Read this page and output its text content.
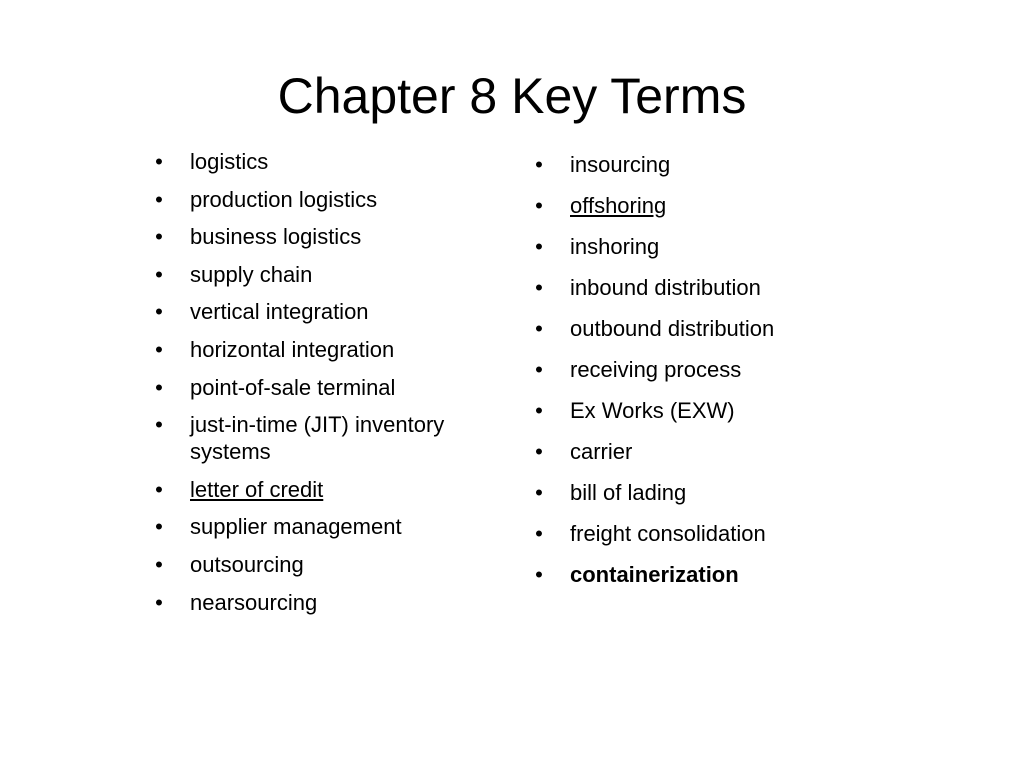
Chapter 8 Key Terms
• logistics
• production logistics
• business logistics
• supply chain
• vertical integration
• horizontal integration
• point-of-sale terminal
• just-in-time (JIT) inventory systems
• letter of credit
• supplier management
• outsourcing
• nearsourcing
• insourcing
• offshoring
• inshoring
• inbound distribution
• outbound distribution
• receiving process
• Ex Works (EXW)
• carrier
• bill of lading
• freight consolidation
• containerization
